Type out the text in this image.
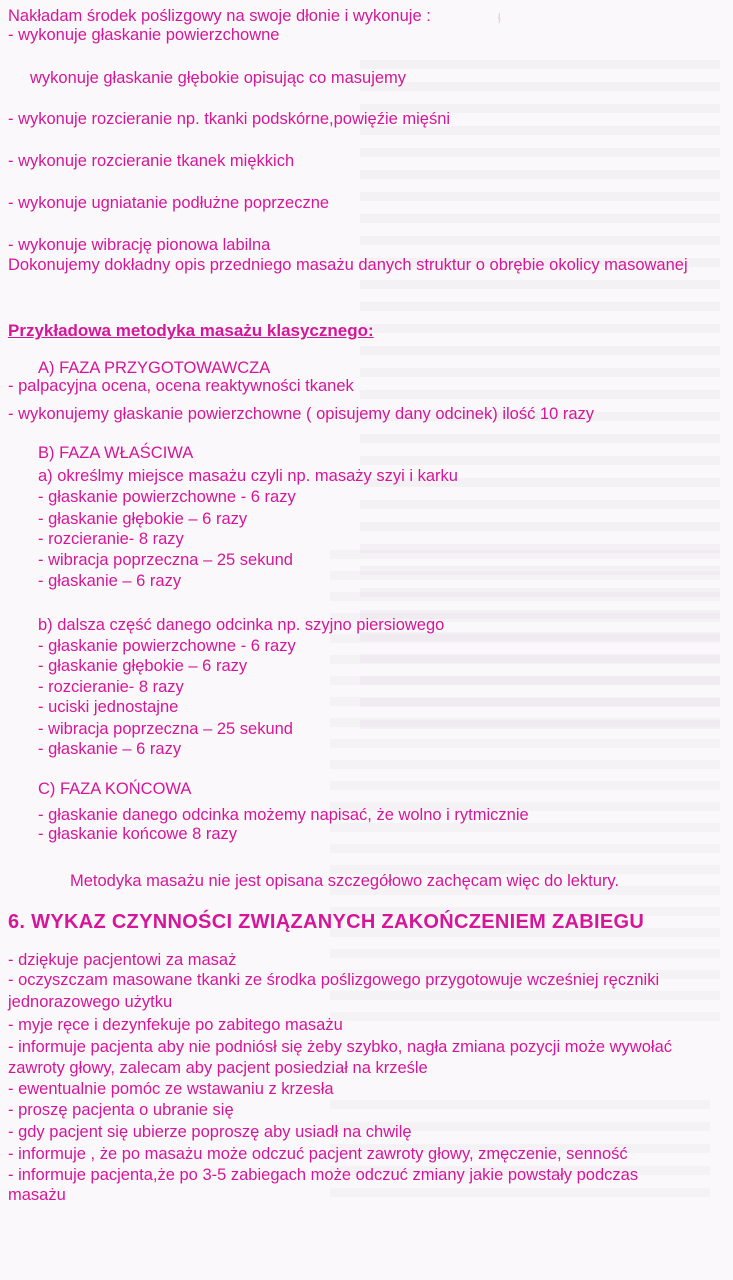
ł

Nakładam środek poślizgowy na swoje dłonie i wykonuje :

- wykonuje głaskanie powierzchowne

wykonuje głaskanie głębokie opisując co masujemy

- wykonuje rozcieranie np. tkanki podskórne,powięźie mięśni

- wykonuje rozcieranie tkanek miękkich

- wykonuje ugniatanie podłużne poprzeczne

- wykonuje wibrację pionowa labilna

Dokonujemy dokładny opis przedniego masażu danych struktur o obrębie okolicy masowanej

Przykładowa metodyka masażu klasycznego:

A) FAZA PRZYGOTOWAWCZA

- palpacyjna ocena, ocena reaktywności tkanek

- wykonujemy głaskanie powierzchowne ( opisujemy dany odcinek) ilość 10 razy

B) FAZA WŁAŚCIWA

a) określmy miejsce masażu czyli np. masaży szyi i karku

- głaskanie powierzchowne - 6 razy

- głaskanie głębokie – 6 razy

- rozcieranie- 8 razy

- wibracja poprzeczna – 25 sekund

- głaskanie – 6 razy

b) dalsza część danego odcinka np. szyjno piersiowego

- głaskanie powierzchowne - 6 razy

- głaskanie głębokie – 6 razy

- rozcieranie- 8 razy

- uciski jednostajne

- wibracja poprzeczna – 25 sekund

- głaskanie – 6 razy

C) FAZA KOŃCOWA

- głaskanie danego odcinka możemy napisać, że wolno i rytmicznie

- głaskanie końcowe 8 razy

Metodyka masażu nie jest opisana szczegółowo zachęcam więc do lektury.

6. WYKAZ CZYNNOŚCI ZWIĄZANYCH ZAKOŃCZENIEM ZABIEGU

- dziękuje pacjentowi za masaż

- oczyszczam masowane tkanki ze środka poślizgowego przygotowuje wcześniej ręczniki

jednorazowego użytku

- myje ręce i dezynfekuje po zabitego masażu

- informuje pacjenta aby nie podniósł się żeby szybko, nagła zmiana pozycji może wywołać

zawroty głowy, zalecam aby pacjent posiedział na krześle

- ewentualnie pomóc ze wstawaniu z krzesła

- proszę pacjenta o ubranie się

- gdy pacjent się ubierze poproszę aby usiadł na chwilę

- informuje , że po masażu może odczuć pacjent zawroty głowy, zmęczenie, senność

- informuje pacjenta,że po 3-5 zabiegach może odczuć zmiany jakie powstały podczas

masażu
